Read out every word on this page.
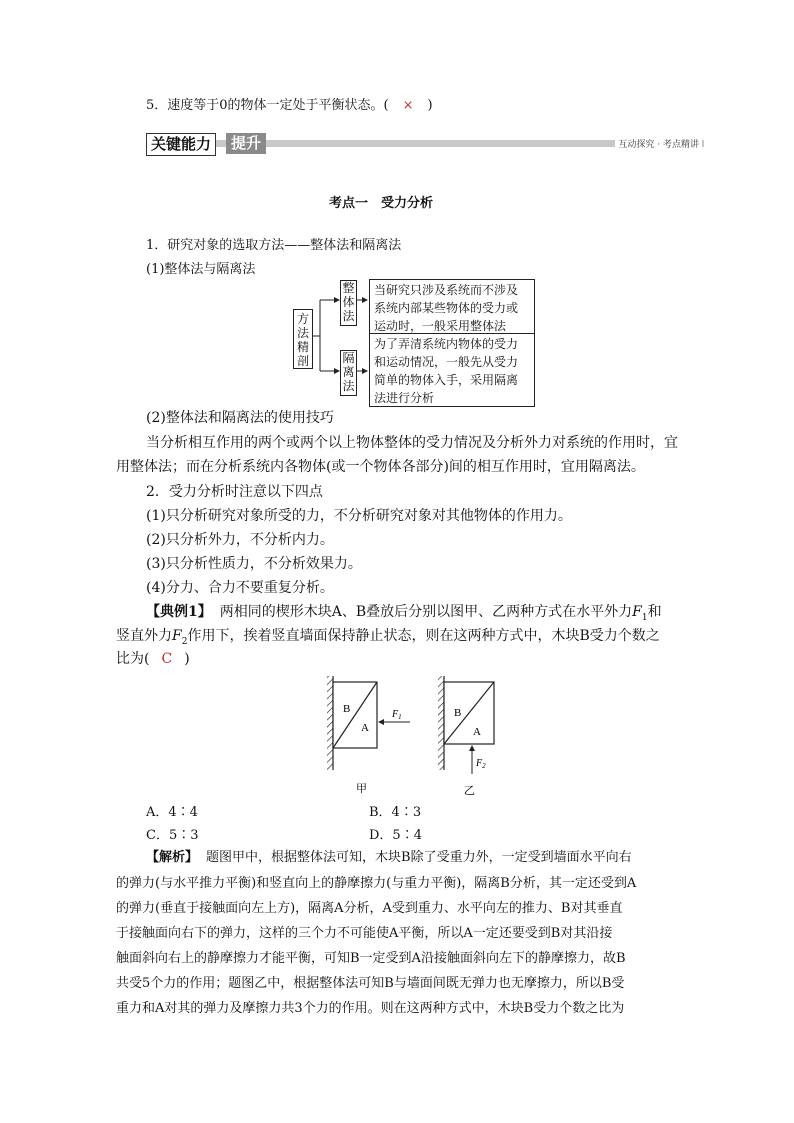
5．速度等于0的物体一定处于平衡状态。( × )
关键能力	提升	互动探究 · 考点精讲
考点一　受力分析
1．研究对象的选取方法——整体法和隔离法
(1)整体法与隔离法
方
法
精
剖
整
体
法
隔
离
法
当研究只涉及系统而不涉及
系统内部某些物体的受力或
运动时，一般采用整体法
为了弄清系统内物体的受力
和运动情况，一般先从受力
简单的物体入手，采用隔离
法进行分析
(2)整体法和隔离法的使用技巧
当分析相互作用的两个或两个以上物体整体的受力情况及分析外力对系统的作用时，宜
用整体法；而在分析系统内各物体(或一个物体各部分)间的相互作用时，宜用隔离法。
2．受力分析时注意以下四点
(1)只分析研究对象所受的力，不分析研究对象对其他物体的作用力。
(2)只分析外力，不分析内力。
(3)只分析性质力，不分析效果力。
(4)分力、合力不要重复分析。
【典例1】 两相同的楔形木块A、B叠放后分别以图甲、乙两种方式在水平外力$F_1$和
竖直外力$F_2$作用下，挨着竖直墙面保持静止状态，则在这两种方式中，木块B受力个数之
比为( C )
B
A
$F_1$
甲
B
A
$F_2$
乙
A．4∶4	B．4∶3
C．5∶3	D．5∶4
【解析】 题图甲中，根据整体法可知，木块B除了受重力外，一定受到墙面水平向右
的弹力(与水平推力平衡)和竖直向上的静摩擦力(与重力平衡)，隔离B分析，其一定还受到A
的弹力(垂直于接触面向左上方)，隔离A分析，A受到重力、水平向左的推力、B对其垂直
于接触面向右下的弹力，这样的三个力不可能使A平衡，所以A一定还要受到B对其沿接
触面斜向右上的静摩擦力才能平衡，可知B一定受到A沿接触面斜向左下的静摩擦力，故B
共受5个力的作用；题图乙中，根据整体法可知B与墙面间既无弹力也无摩擦力，所以B受
重力和A对其的弹力及摩擦力共3个力的作用。则在这两种方式中，木块B受力个数之比为
